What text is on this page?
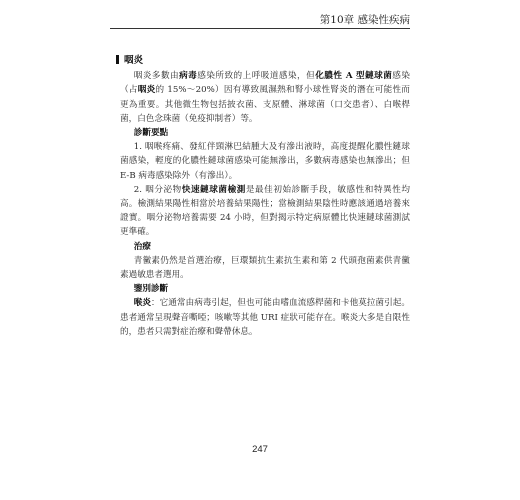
第10章 感染性疾病
咽炎

咽炎多數由病毒感染所致的上呼吸道感染，但化膿性 A 型鏈球菌感染（占咽炎的 15%～20%）因有導致風濕熱和腎小球性腎炎的潛在可能性而更為重要。其他微生物包括披衣菌、支原體、淋球菌（口交患者）、白喉桿菌，白色念珠菌（免疫抑制者）等。

診斷要點

1. 咽喉疼痛、發紅伴頸淋巴結腫大及有滲出液時，高度提醒化膿性鏈球菌感染，輕度的化膿性鏈球菌感染可能無滲出，多數病毒感染也無滲出；但 E-B 病毒感染除外（有滲出）。

2. 咽分泌物快速鏈球菌檢測是最佳初始診斷手段，敏感性和特異性均高。檢測結果陽性相當於培養結果陽性；當檢測結果陰性時應該通過培養來證實。咽分泌物培養需要 24 小時，但對揭示特定病原體比快速鏈球菌測試更準確。

治療

青黴素仍然是首選治療，巨環類抗生素抗生素和第 2 代頭孢菌素供青黴素過敏患者選用。

鑒別診斷

喉炎：它通常由病毒引起，但也可能由嗜血流感桿菌和卡他莫拉菌引起。患者通常呈現聲音嘶啞；咳嗽等其他 URI 症狀可能存在。喉炎大多是自限性的，患者只需對症治療和聲帶休息。

247
